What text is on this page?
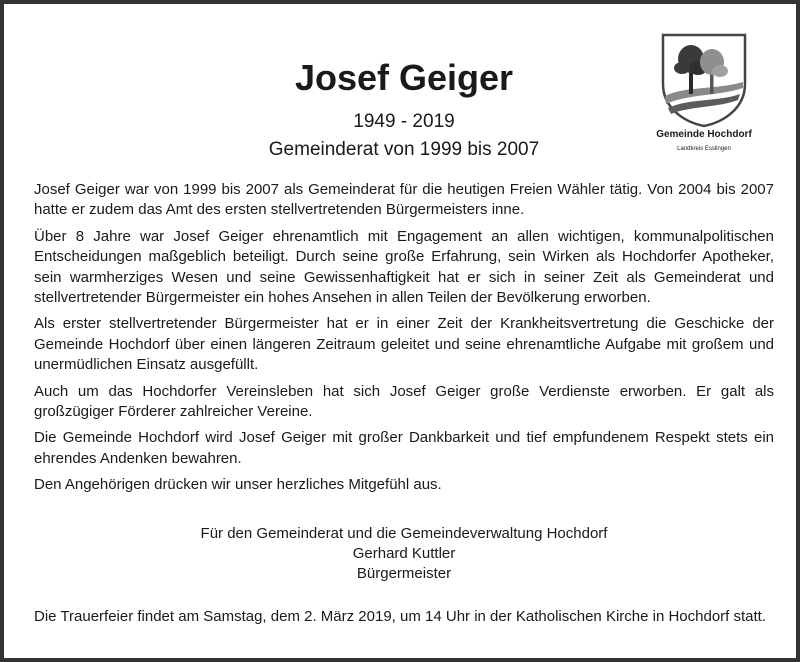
Josef Geiger
1949 - 2019
Gemeinderat von 1999 bis 2007
Gemeinde Hochdorf
Landkreis Esslingen

Josef Geiger war von 1999 bis 2007 als Gemeinderat für die heutigen Freien Wähler tätig. Von 2004 bis 2007 hatte er zudem das Amt des ersten stellvertretenden Bürgermeisters inne.

Über 8 Jahre war Josef Geiger ehrenamtlich mit Engagement an allen wichtigen, kommunalpolitischen Entscheidungen maßgeblich beteiligt. Durch seine große Erfahrung, sein Wirken als Hochdorfer Apotheker, sein warmherziges Wesen und seine Gewissenhaftigkeit hat er sich in seiner Zeit als Gemeinderat und stellvertretender Bürgermeister ein hohes Ansehen in allen Teilen der Bevölkerung erworben.

Als erster stellvertretender Bürgermeister hat er in einer Zeit der Krankheitsvertretung die Geschicke der Gemeinde Hochdorf über einen längeren Zeitraum geleitet und seine ehrenamtliche Aufgabe mit großem und unermüdlichen Einsatz ausgefüllt.

Auch um das Hochdorfer Vereinsleben hat sich Josef Geiger große Verdienste erworben. Er galt als großzügiger Förderer zahlreicher Vereine.

Die Gemeinde Hochdorf wird Josef Geiger mit großer Dankbarkeit und tief empfundenem Respekt stets ein ehrendes Andenken bewahren.

Den Angehörigen drücken wir unser herzliches Mitgefühl aus.

Für den Gemeinderat und die Gemeindeverwaltung Hochdorf
Gerhard Kuttler
Bürgermeister
Die Trauerfeier findet am Samstag, dem 2. März 2019, um 14 Uhr in der Katholischen Kirche in Hochdorf statt.
